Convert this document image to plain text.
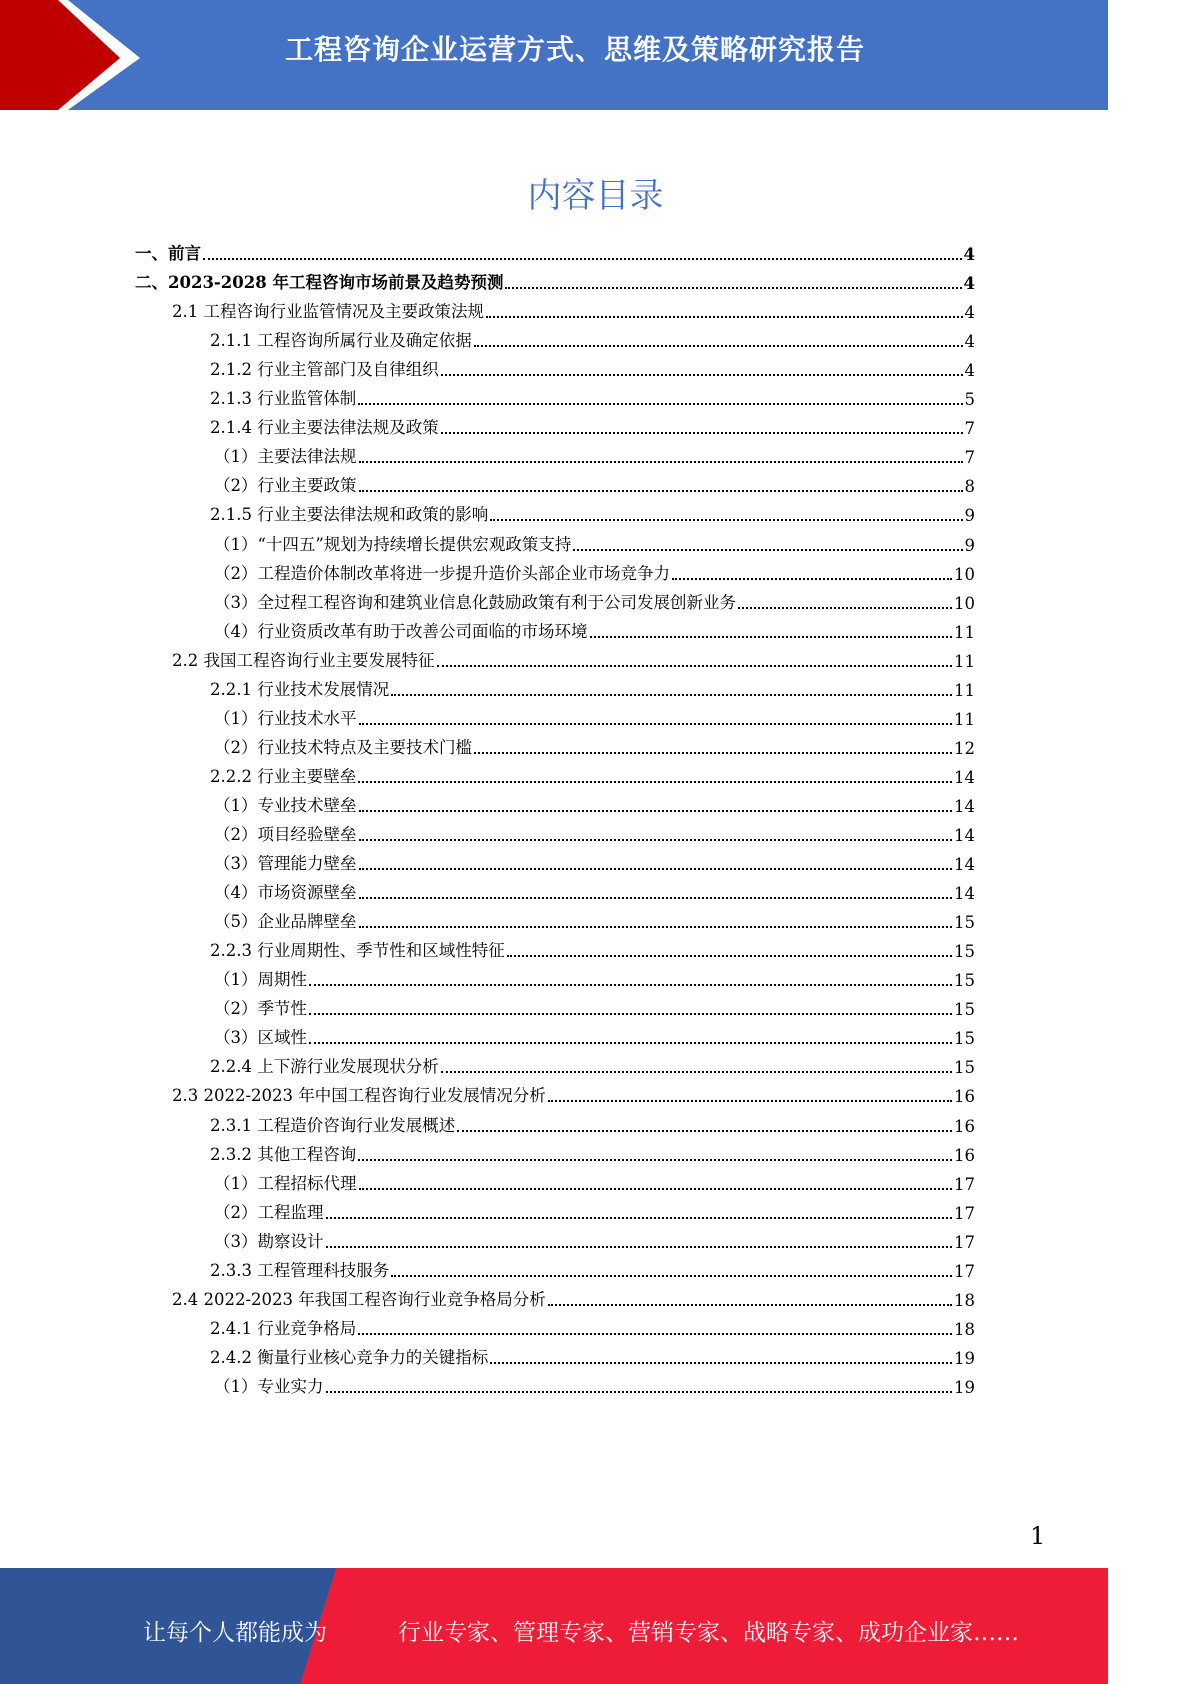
工程咨询企业运营方式、思维及策略研究报告
内容目录
一、前言	4
二、2023-2028 年工程咨询市场前景及趋势预测	4
2.1 工程咨询行业监管情况及主要政策法规	4
2.1.1 工程咨询所属行业及确定依据	4
2.1.2 行业主管部门及自律组织	4
2.1.3 行业监管体制	5
2.1.4 行业主要法律法规及政策	7
（1）主要法律法规	7
（2）行业主要政策	8
2.1.5 行业主要法律法规和政策的影响	9
（1）“十四五”规划为持续增长提供宏观政策支持	9
（2）工程造价体制改革将进一步提升造价头部企业市场竞争力	10
（3）全过程工程咨询和建筑业信息化鼓励政策有利于公司发展创新业务	10
（4）行业资质改革有助于改善公司面临的市场环境	11
2.2 我国工程咨询行业主要发展特征	11
2.2.1 行业技术发展情况	11
（1）行业技术水平	11
（2）行业技术特点及主要技术门槛	12
2.2.2 行业主要壁垒	14
（1）专业技术壁垒	14
（2）项目经验壁垒	14
（3）管理能力壁垒	14
（4）市场资源壁垒	14
（5）企业品牌壁垒	15
2.2.3 行业周期性、季节性和区域性特征	15
（1）周期性	15
（2）季节性	15
（3）区域性	15
2.2.4 上下游行业发展现状分析	15
2.3 2022-2023 年中国工程咨询行业发展情况分析	16
2.3.1 工程造价咨询行业发展概述	16
2.3.2 其他工程咨询	16
（1）工程招标代理	17
（2）工程监理	17
（3）勘察设计	17
2.3.3 工程管理科技服务	17
2.4 2022-2023 年我国工程咨询行业竞争格局分析	18
2.4.1 行业竞争格局	18
2.4.2 衡量行业核心竞争力的关键指标	19
（1）专业实力	19
1
让每个人都能成为	行业专家、管理专家、营销专家、战略专家、成功企业家……
